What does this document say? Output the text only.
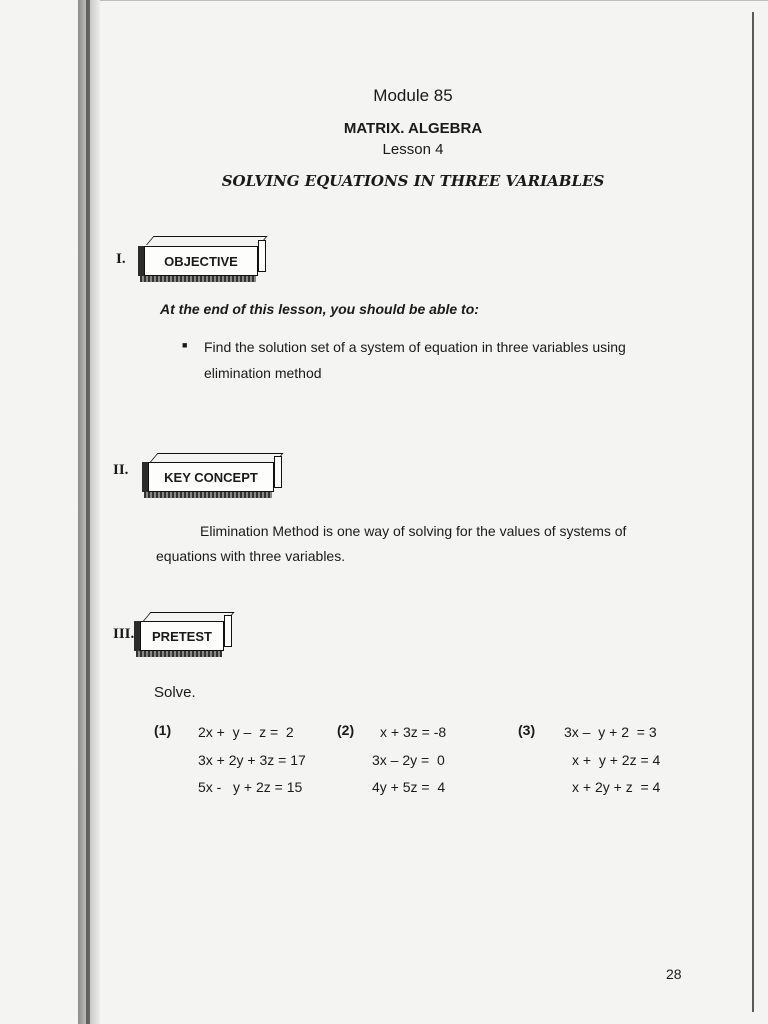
Module 85
MATRIX. ALGEBRA
Lesson 4
SOLVING EQUATIONS IN THREE VARIABLES
I.	OBJECTIVE
At the end of this lesson, you should be able to:
■ Find the solution set of a system of equation in three variables using
elimination method
II.	KEY CONCEPT
Elimination Method is one way of solving for the values of systems of
equations with three variables.
III. PRETEST
Solve.
(1) 2x +  y –  z =  2
3x + 2y + 3z = 17
5x -   y + 2z = 15
(2) x + 3z = -8
3x – 2y =  0
4y + 5z =  4
(3) 3x –  y + 2  = 3
x +  y + 2z = 4
x + 2y + z  = 4
28
